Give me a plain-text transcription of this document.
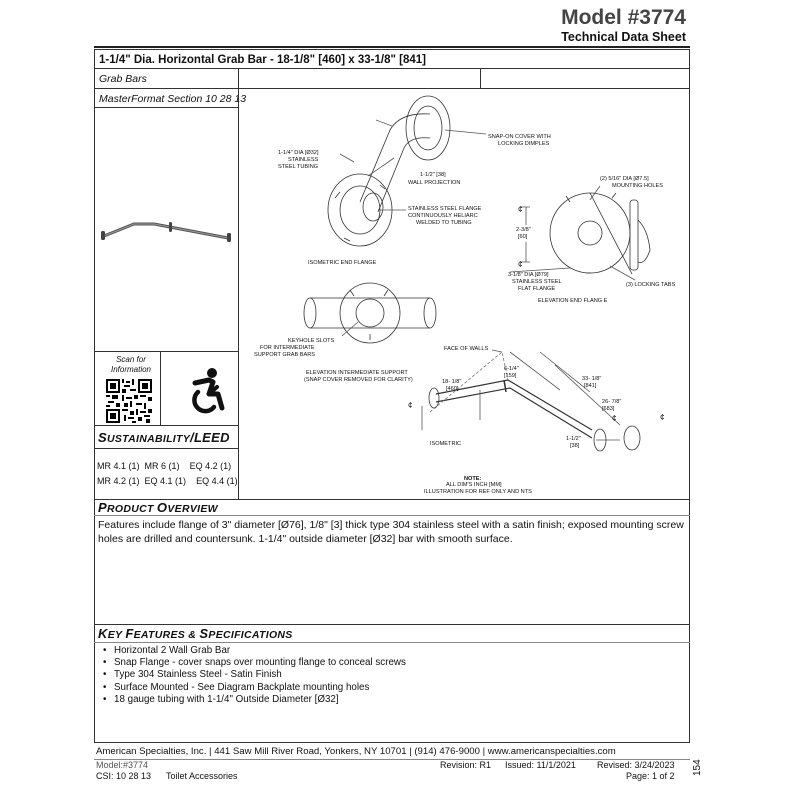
Model #3774
Technical Data Sheet
1-1/4" Dia. Horizontal Grab Bar - 18-1/8" [460] x 33-1/8" [841]
Grab Bars
MasterFormat Section 10 28 13
Scan for Information
SUSTAINABILITY/LEED
MR 4.1 (1) MR 6 (1) EQ 4.2 (1)
MR 4.2 (1) EQ 4.1 (1) EQ 4.4 (1)
¢
¢
¢
¢	¢
1-1/4" DIA [Ø32]
STAINLESS
STEEL TUBING
SNAP-ON COVER WITH
LOCKING DIMPLES
1-1/2" [38]
WALL PROJECTION
STAINLESS STEEL FLANGE
CONTINUOUSLY HELIARC
WELDED TO TUBING
ISOMETRIC END FLANGE
(2) 5/16" DIA [Ø7.5]
MOUNTING HOLES
2-3/8"
[60]
3-1/8" DIA [Ø79]
STAINLESS STEEL
FLAT FLANGE
(3) LOCKING TABS
ELEVATION END FLANG E
KEYHOLE SLOTS
FOR INTERMEDIATE
SUPPORT GRAB BARS
ELEVATION INTERMEDIATE SUPPORT
(SNAP COVER REMOVED FOR CLARITY)
FACE OF WALLS
6-1/4"
[159]	33- 1/8"
[841]
26- 7/8"
[683]
18- 1/8"
[460]
1-1/2"
[38]
ISOMETRIC
NOTE:
ALL DIM'S INCH [MM]
ILLUSTRATION FOR REF ONLY AND NTS
PRODUCT OVERVIEW
Features include flange of 3" diameter [Ø76], 1/8" [3] thick type 304 stainless steel with a satin finish; exposed mounting screw holes are drilled and countersunk. 1-1/4" outside diameter [Ø32] bar with smooth surface.
KEY FEATURES & SPECIFICATIONS
• Horizontal 2 Wall Grab Bar
• Snap Flange - cover snaps over mounting flange to conceal screws
• Type 304 Stainless Steel - Satin Finish
• Surface Mounted - See Diagram Backplate mounting holes
• 18 gauge tubing with 1-1/4" Outside Diameter [Ø32]
American Specialties, Inc. | 441 Saw Mill River Road, Yonkers, NY 10701 | (914) 476-9000 | www.americanspecialties.com
Model:#3774	Revision: R1 Issued: 11/1/2021 Revised: 3/24/2023
CSI: 10 28 13 Toilet Accessories	Page: 1 of 2 154
